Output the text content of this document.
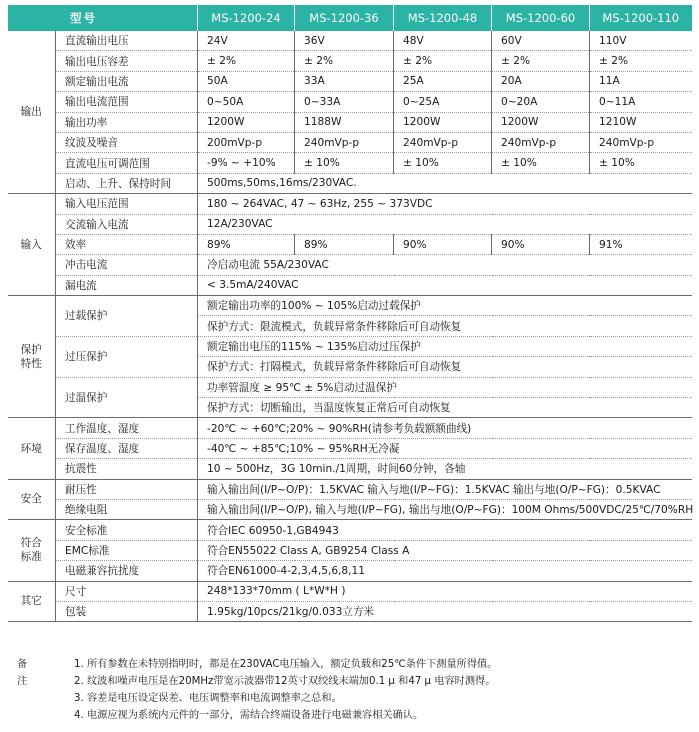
型号		MS-1200-24	MS-1200-36	MS-1200-48	MS-1200-60	MS-1200-110
输出	直流输出电压	24V	36V	48V	60V	110V
	输出电压容差	± 2%	± 2%	± 2%	± 2%	± 2%
	额定输出电流	50A	33A	25A	20A	11A
	输出电流范围	0~50A	0~33A	0~25A	0~20A	0~11A
	输出功率	1200W	1188W	1200W	1200W	1210W
	纹波及噪音	200mVp-p	240mVp-p	240mVp-p	240mVp-p	240mVp-p
	直流电压可调范围	-9% ~ +10%	± 10%	± 10%	± 10%	± 10%
	启动、上升、保持时间	500ms,50ms,16ms/230VAC.				
输入	输入电压范围	180 ~ 264VAC, 47 ~ 63Hz, 255 ~ 373VDC				
	交流输入电流	12A/230VAC				
	效率	89%	89%	90%	90%	91%
	冲击电流	冷启动电流 55A/230VAC				
	漏电流	< 3.5mA/240VAC				
保护
特性	过载保护	额定输出功率的100% ~ 105%启动过载保护				
		保护方式：限流模式，负载异常条件移除后可自动恢复				
	过压保护	额定输出电压的115% ~ 135%启动过压保护				
		保护方式：打隔模式，负载异常条件移除后可自动恢复				
	过温保护	功率管温度 ≥ 95℃ ± 5%启动过温保护				
		保护方式：切断输出，当温度恢复正常后可自动恢复				
环境	工作温度、湿度	-20℃ ~ +60℃;20% ~ 90%RH(请参考负载额额曲线)				
	保存温度、湿度	-40℃ ~ +85℃;10% ~ 95%RH无冷凝				
	抗震性	10 ~ 500Hz，3G 10min./1周期，时间60分钟，各轴				
安全	耐压性	输入输出间(I/P~O/P)：1.5KVAC 输入与地(I/P~FG)：1.5KVAC 输出与地(O/P~FG)：0.5KVAC				
	绝缘电阻	输入输出间(I/P~O/P), 输入与地(I/P~FG), 输出与地(O/P~FG)：100M Ohms/500VDC/25℃/70%RH				
符合
标准	安全标准	符合IEC 60950-1,GB4943				
	EMC标准	符合EN55022 Class A, GB9254 Class A				
	电磁兼容抗扰度	符合EN61000-4-2,3,4,5,6,8,11				
其它	尺寸	248*133*70mm ( L*W*H )				
	包装	1.95kg/10pcs/21kg/0.033立方米				
备注
1. 所有参数在未特别指明时，都是在230VAC电压输入，额定负载和25℃条件下测量所得值。
2. 纹波和噪声电压是在20MHz带宽示波器带12英寸双绞线末端加0.1 μ 和47 μ 电容时测得。
3. 容差是电压设定误差、电压调整率和电流调整率之总和。
4. 电源应视为系统内元件的一部分，需结合终端设备进行电磁兼容相关确认。
